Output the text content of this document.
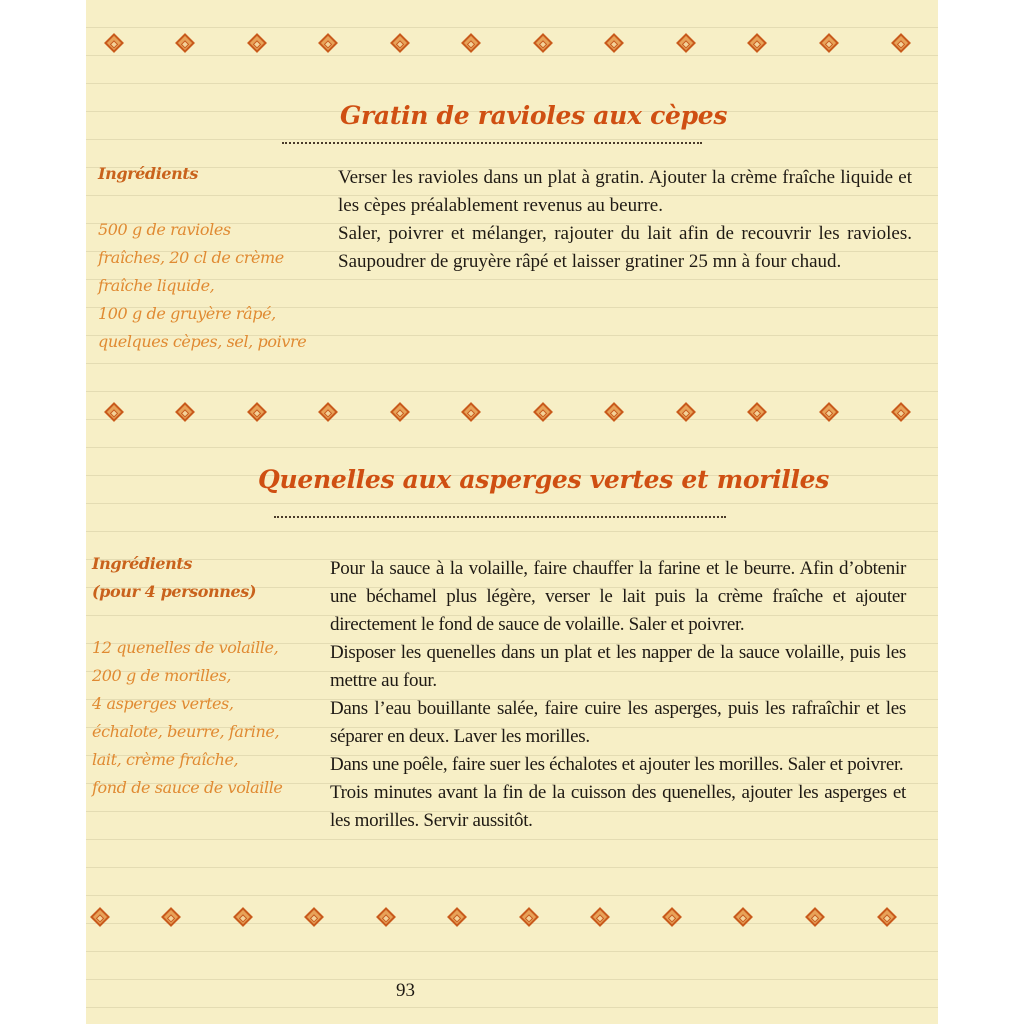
Gratin de ravioles aux cèpes
Ingrédients
500 g de ravioles
fraîches, 20 cl de crème
fraîche liquide,
100 g de gruyère râpé,
quelques cèpes, sel, poivre

Verser les ravioles dans un plat à gratin. Ajouter la crème fraîche liquide et les cèpes préalablement revenus au beurre.

Saler, poivrer et mélanger, rajouter du lait afin de recouvrir les ravioles. Saupoudrer de gruyère râpé et laisser gratiner 25 mn à four chaud.

Quenelles aux asperges vertes et morilles
Ingrédients
(pour 4 personnes)
12 quenelles de volaille,
200 g de morilles,
4 asperges vertes,
échalote, beurre, farine,
lait, crème fraîche,
fond de sauce de volaille

Pour la sauce à la volaille, faire chauffer la farine et le beurre. Afin d’obtenir une béchamel plus légère, verser le lait puis la crème fraîche et ajouter directement le fond de sauce de volaille. Saler et poivrer.

Disposer les quenelles dans un plat et les napper de la sauce volaille, puis les mettre au four.

Dans l’eau bouillante salée, faire cuire les asperges, puis les rafraîchir et les séparer en deux. Laver les morilles.

Dans une poêle, faire suer les échalotes et ajouter les morilles. Saler et poivrer.

Trois minutes avant la fin de la cuisson des quenelles, ajouter les asperges et les morilles. Servir aussitôt.

93
